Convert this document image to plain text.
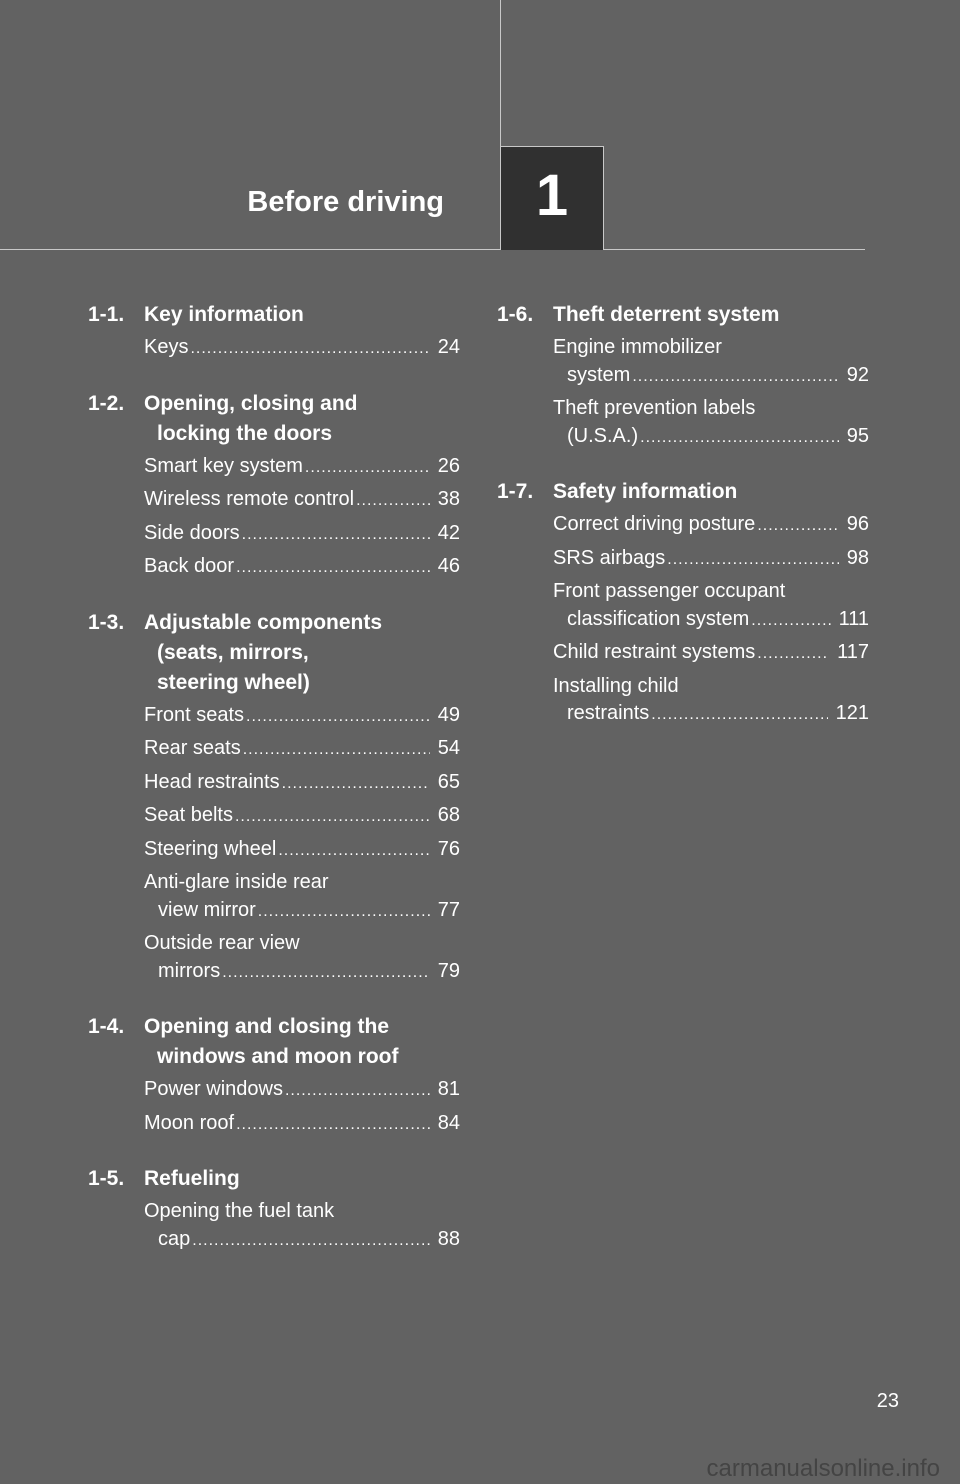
Before driving 1
1-1. Key information
Keys .....	24
1-2. Opening, closing and
locking the doors
Smart key system .....	26
Wireless remote control .....	38
Side doors .....	42
Back door .....	46
1-3. Adjustable components
(seats, mirrors,
steering wheel)
Front seats .....	49
Rear seats .....	54
Head restraints .....	65
Seat belts .....	68
Steering wheel .....	76
Anti-glare inside rear
view mirror .....	77
Outside rear view
mirrors .....	79
1-4. Opening and closing the
windows and moon roof
Power windows .....	81
Moon roof .....	84
1-5. Refueling
Opening the fuel tank
cap .....	88
1-6. Theft deterrent system
Engine immobilizer
system .....	92
Theft prevention labels
(U.S.A.) .....	95
1-7. Safety information
Correct driving posture .....	96
SRS airbags .....	98
Front passenger occupant
classification system .....	111
Child restraint systems .....	117
Installing child
restraints .....	121
23
carmanualsonline.info
